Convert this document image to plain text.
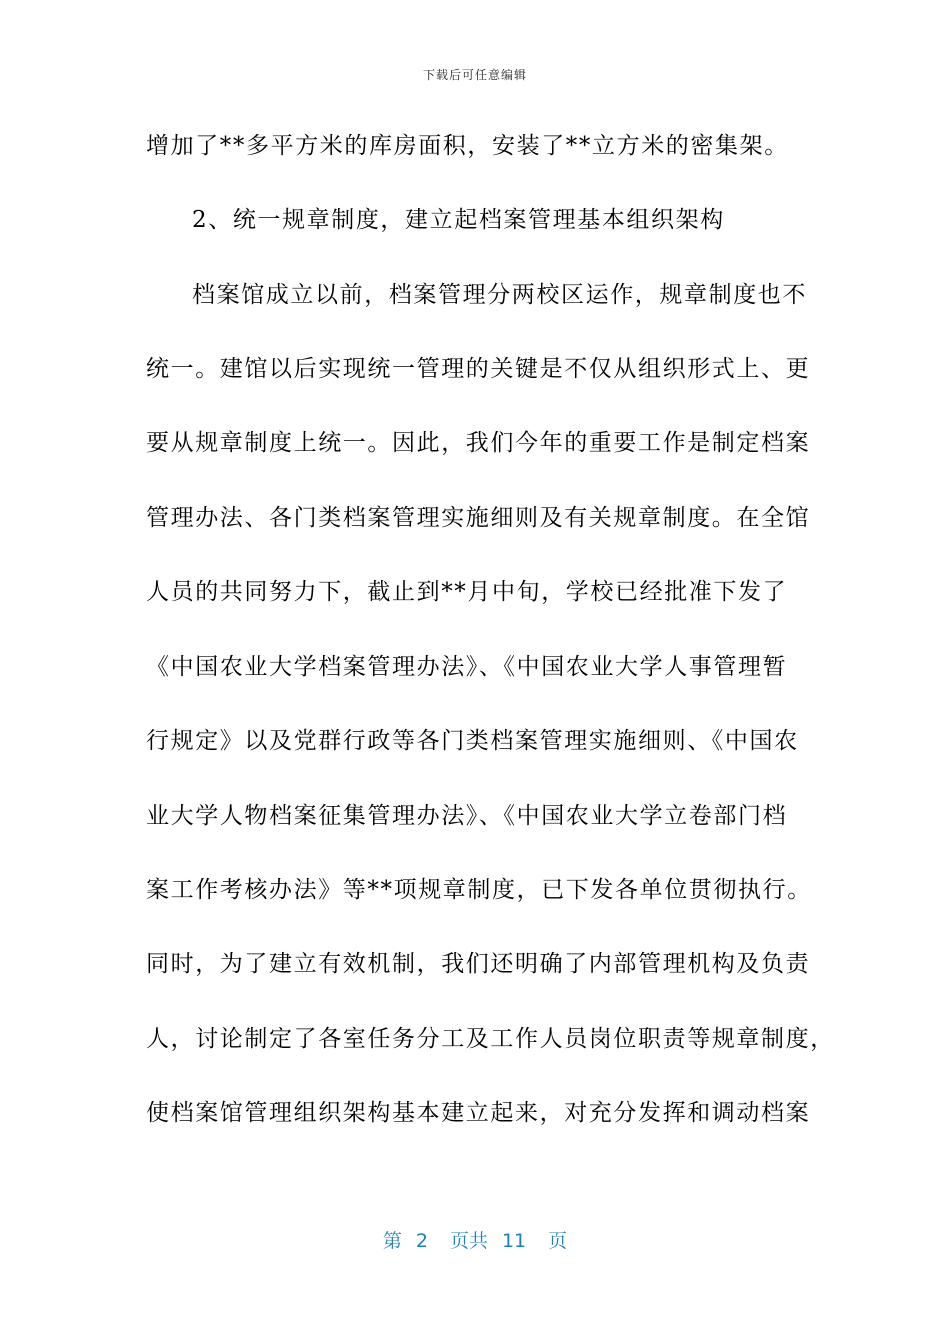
下载后可任意编辑
增加了**多平方米的库房面积，安装了**立方米的密集架。
2、统一规章制度，建立起档案管理基本组织架构
档案馆成立以前，档案管理分两校区运作，规章制度也不
统一。建馆以后实现统一管理的关键是不仅从组织形式上、更
要从规章制度上统一。因此，我们今年的重要工作是制定档案
管理办法、各门类档案管理实施细则及有关规章制度。在全馆
人员的共同努力下，截止到**月中旬，学校已经批准下发了
《中国农业大学档案管理办法》、《中国农业大学人事管理暂
行规定》以及党群行政等各门类档案管理实施细则、《中国农
业大学人物档案征集管理办法》、《中国农业大学立卷部门档
案工作考核办法》等**项规章制度，已下发各单位贯彻执行。
同时，为了建立有效机制，我们还明确了内部管理机构及负责
人，讨论制定了各室任务分工及工作人员岗位职责等规章制度，
使档案馆管理组织架构基本建立起来，对充分发挥和调动档案
第 2 页共 11 页
